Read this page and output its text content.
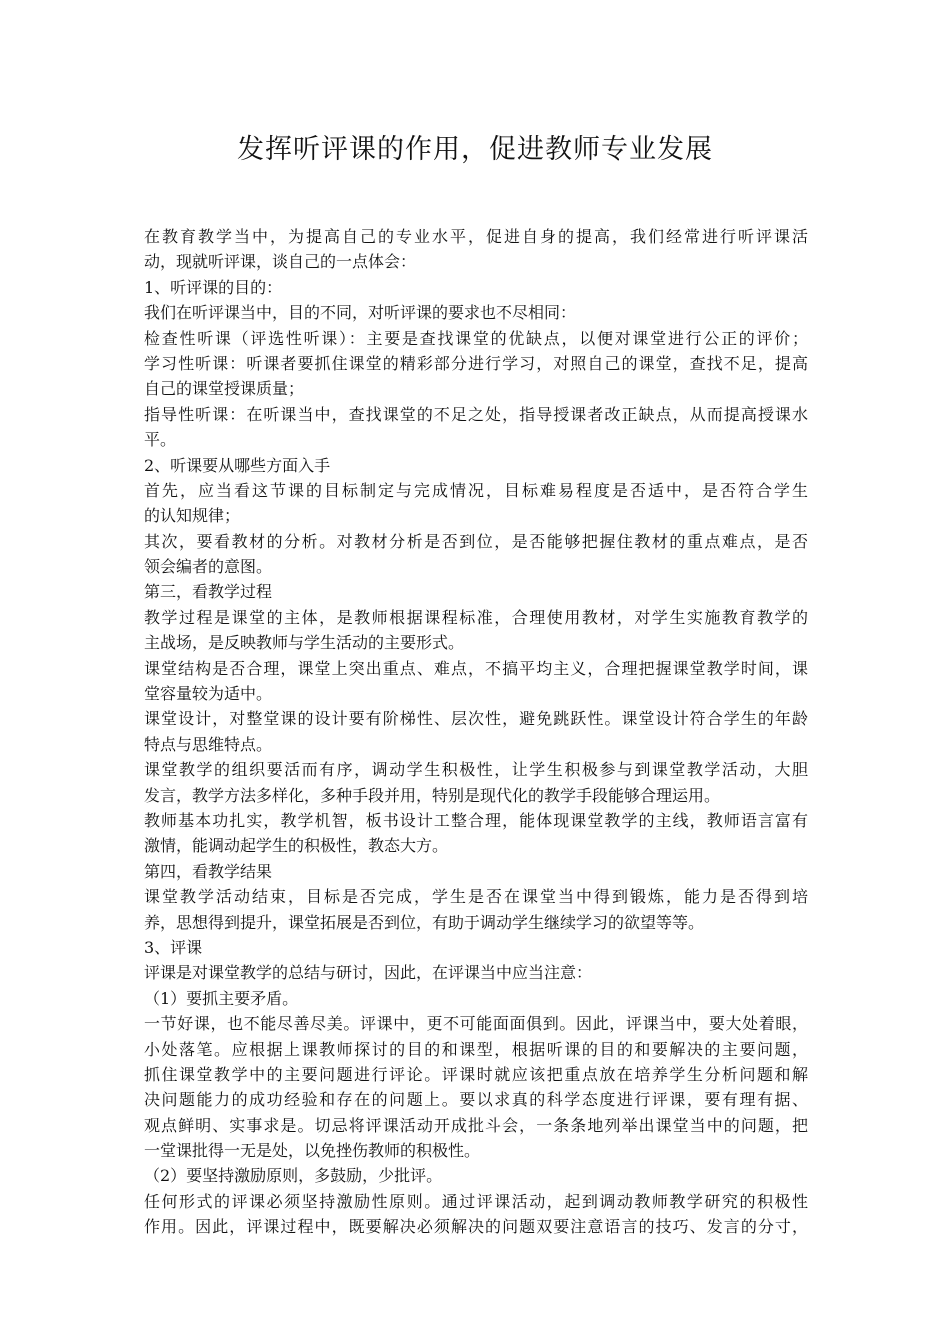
发挥听评课的作用，促进教师专业发展
在教育教学当中，为提高自己的专业水平，促进自身的提高，我们经常进行听评课活
动，现就听评课，谈自己的一点体会：
1、听评课的目的：
我们在听评课当中，目的不同，对听评课的要求也不尽相同：
检查性听课（评选性听课）：主要是查找课堂的优缺点，以便对课堂进行公正的评价；
学习性听课：听课者要抓住课堂的精彩部分进行学习，对照自己的课堂，查找不足，提高
自己的课堂授课质量；
指导性听课：在听课当中，查找课堂的不足之处，指导授课者改正缺点，从而提高授课水
平。
2、听课要从哪些方面入手
首先，应当看这节课的目标制定与完成情况，目标难易程度是否适中，是否符合学生
的认知规律；
其次，要看教材的分析。对教材分析是否到位，是否能够把握住教材的重点难点，是否
领会编者的意图。
第三，看教学过程
教学过程是课堂的主体，是教师根据课程标准，合理使用教材，对学生实施教育教学的
主战场，是反映教师与学生活动的主要形式。
课堂结构是否合理，课堂上突出重点、难点，不搞平均主义，合理把握课堂教学时间，课
堂容量较为适中。
课堂设计，对整堂课的设计要有阶梯性、层次性，避免跳跃性。课堂设计符合学生的年龄
特点与思维特点。
课堂教学的组织要活而有序，调动学生积极性，让学生积极参与到课堂教学活动，大胆
发言，教学方法多样化，多种手段并用，特别是现代化的教学手段能够合理运用。
教师基本功扎实，教学机智，板书设计工整合理，能体现课堂教学的主线，教师语言富有
激情，能调动起学生的积极性，教态大方。
第四，看教学结果
课堂教学活动结束，目标是否完成，学生是否在课堂当中得到锻炼，能力是否得到培
养，思想得到提升，课堂拓展是否到位，有助于调动学生继续学习的欲望等等。
3、评课
评课是对课堂教学的总结与研讨，因此，在评课当中应当注意：
（1）要抓主要矛盾。
一节好课，也不能尽善尽美。评课中，更不可能面面俱到。因此，评课当中，要大处着眼，
小处落笔。应根据上课教师探讨的目的和课型，根据听课的目的和要解决的主要问题，
抓住课堂教学中的主要问题进行评论。评课时就应该把重点放在培养学生分析问题和解
决问题能力的成功经验和存在的问题上。要以求真的科学态度进行评课，要有理有据、
观点鲜明、实事求是。切忌将评课活动开成批斗会，一条条地列举出课堂当中的问题，把
一堂课批得一无是处，以免挫伤教师的积极性。
（2）要坚持激励原则，多鼓励，少批评。
任何形式的评课必须坚持激励性原则。通过评课活动，起到调动教师教学研究的积极性
作用。因此，评课过程中，既要解决必须解决的问题双要注意语言的技巧、发言的分寸，
